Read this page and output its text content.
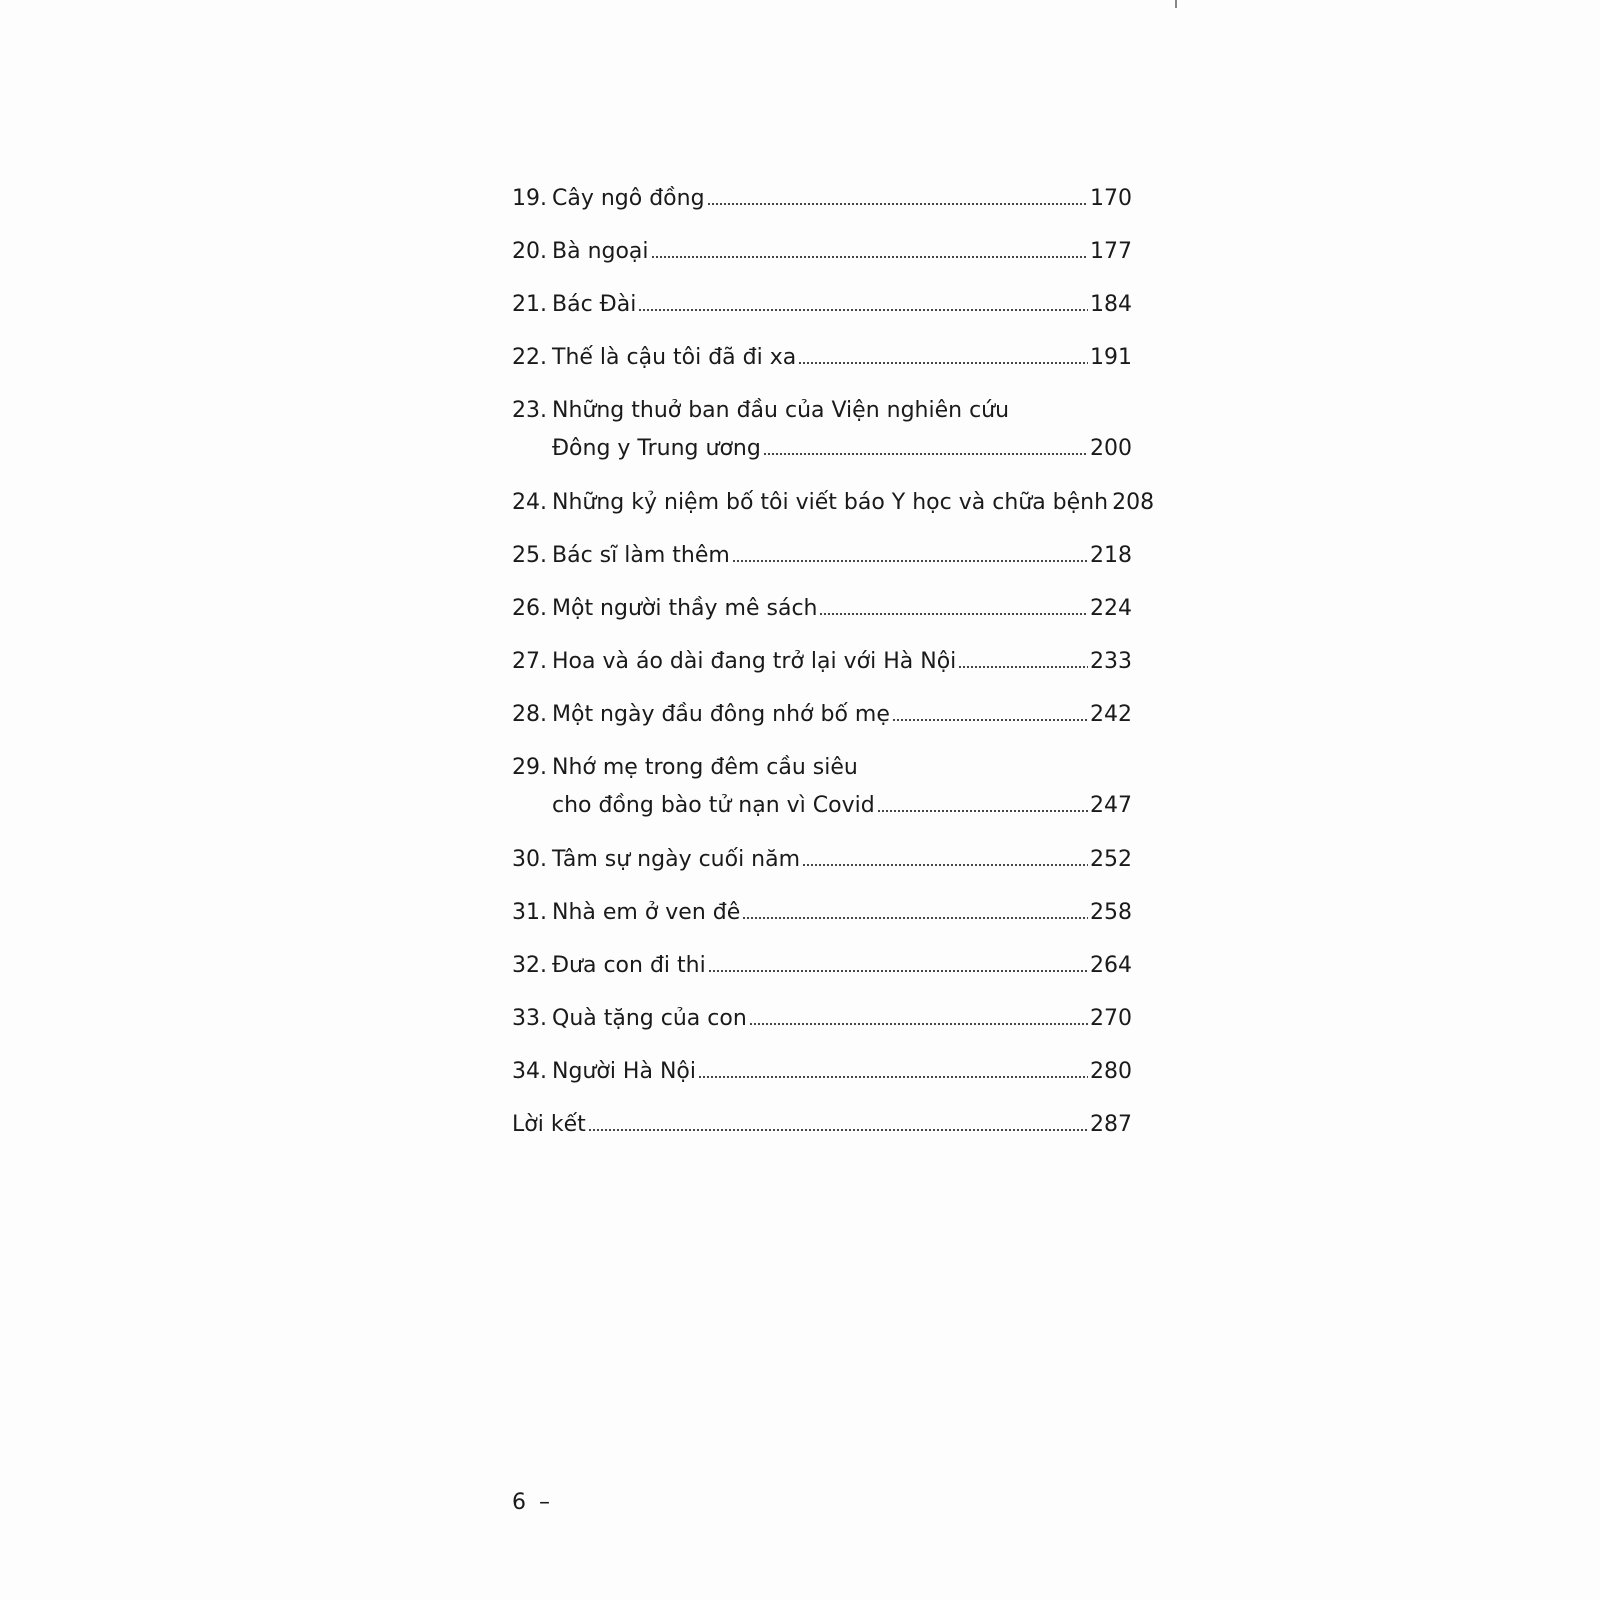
19. Cây ngô đồng	170
20. Bà ngoại	177
21. Bác Đài	184
22. Thế là cậu tôi đã đi xa	191
23. Những thuở ban đầu của Viện nghiên cứu
Đông y Trung ương	200
24. Những kỷ niệm bố tôi viết báo Y học và chữa bệnh 208
25. Bác sĩ làm thêm	218
26. Một người thầy mê sách	224
27. Hoa và áo dài đang trở lại với Hà Nội	233
28. Một ngày đầu đông nhớ bố mẹ	242
29. Nhớ mẹ trong đêm cầu siêu
cho đồng bào tử nạn vì Covid	247
30. Tâm sự ngày cuối năm	252
31. Nhà em ở ven đê	258
32. Đưa con đi thi	264
33. Quà tặng của con	270
34. Người Hà Nội	280
Lời kết	287
6 –
